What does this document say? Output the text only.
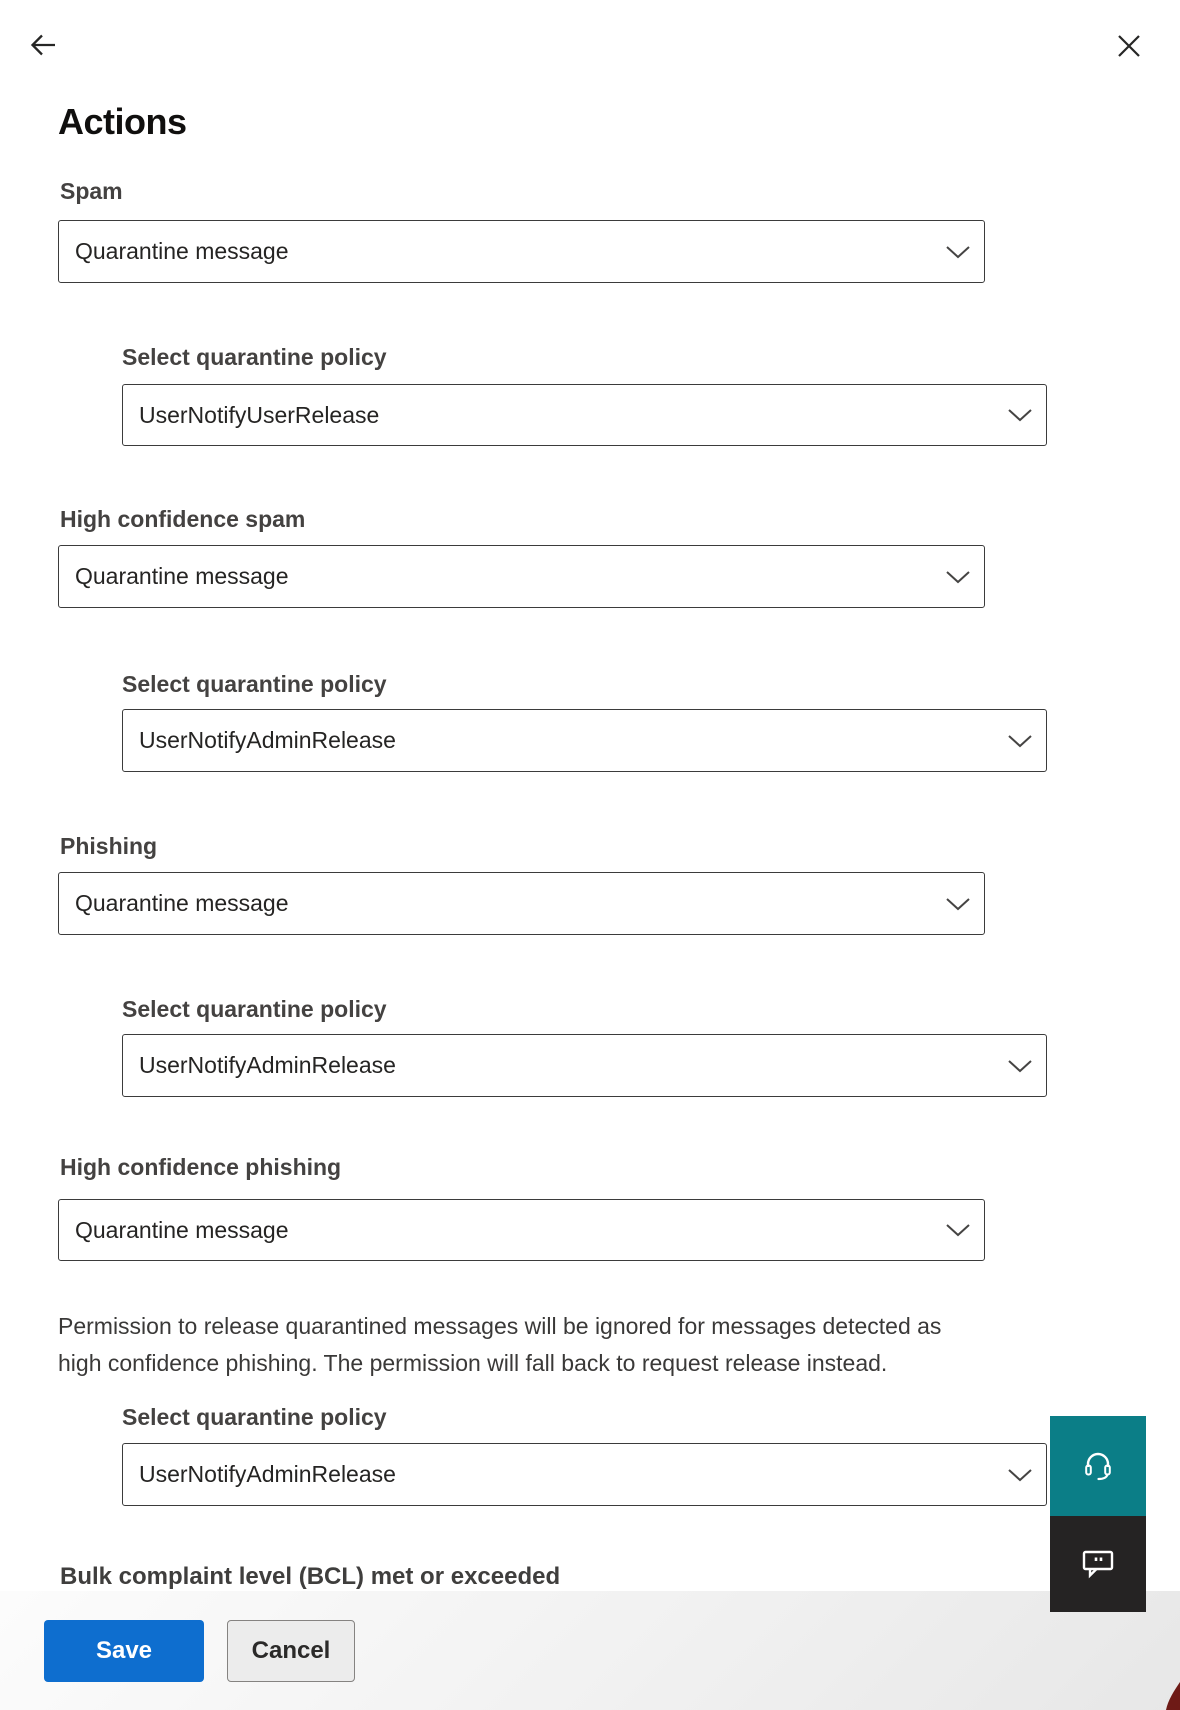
Actions
Spam
Quarantine message
Select quarantine policy
UserNotifyUserRelease
High confidence spam
Quarantine message
Select quarantine policy
UserNotifyAdminRelease
Phishing
Quarantine message
Select quarantine policy
UserNotifyAdminRelease
High confidence phishing
Quarantine message
Permission to release quarantined messages will be ignored for messages detected as
high confidence phishing. The permission will fall back to request release instead.
Select quarantine policy
UserNotifyAdminRelease
Bulk complaint level (BCL) met or exceeded
Save	Cancel
